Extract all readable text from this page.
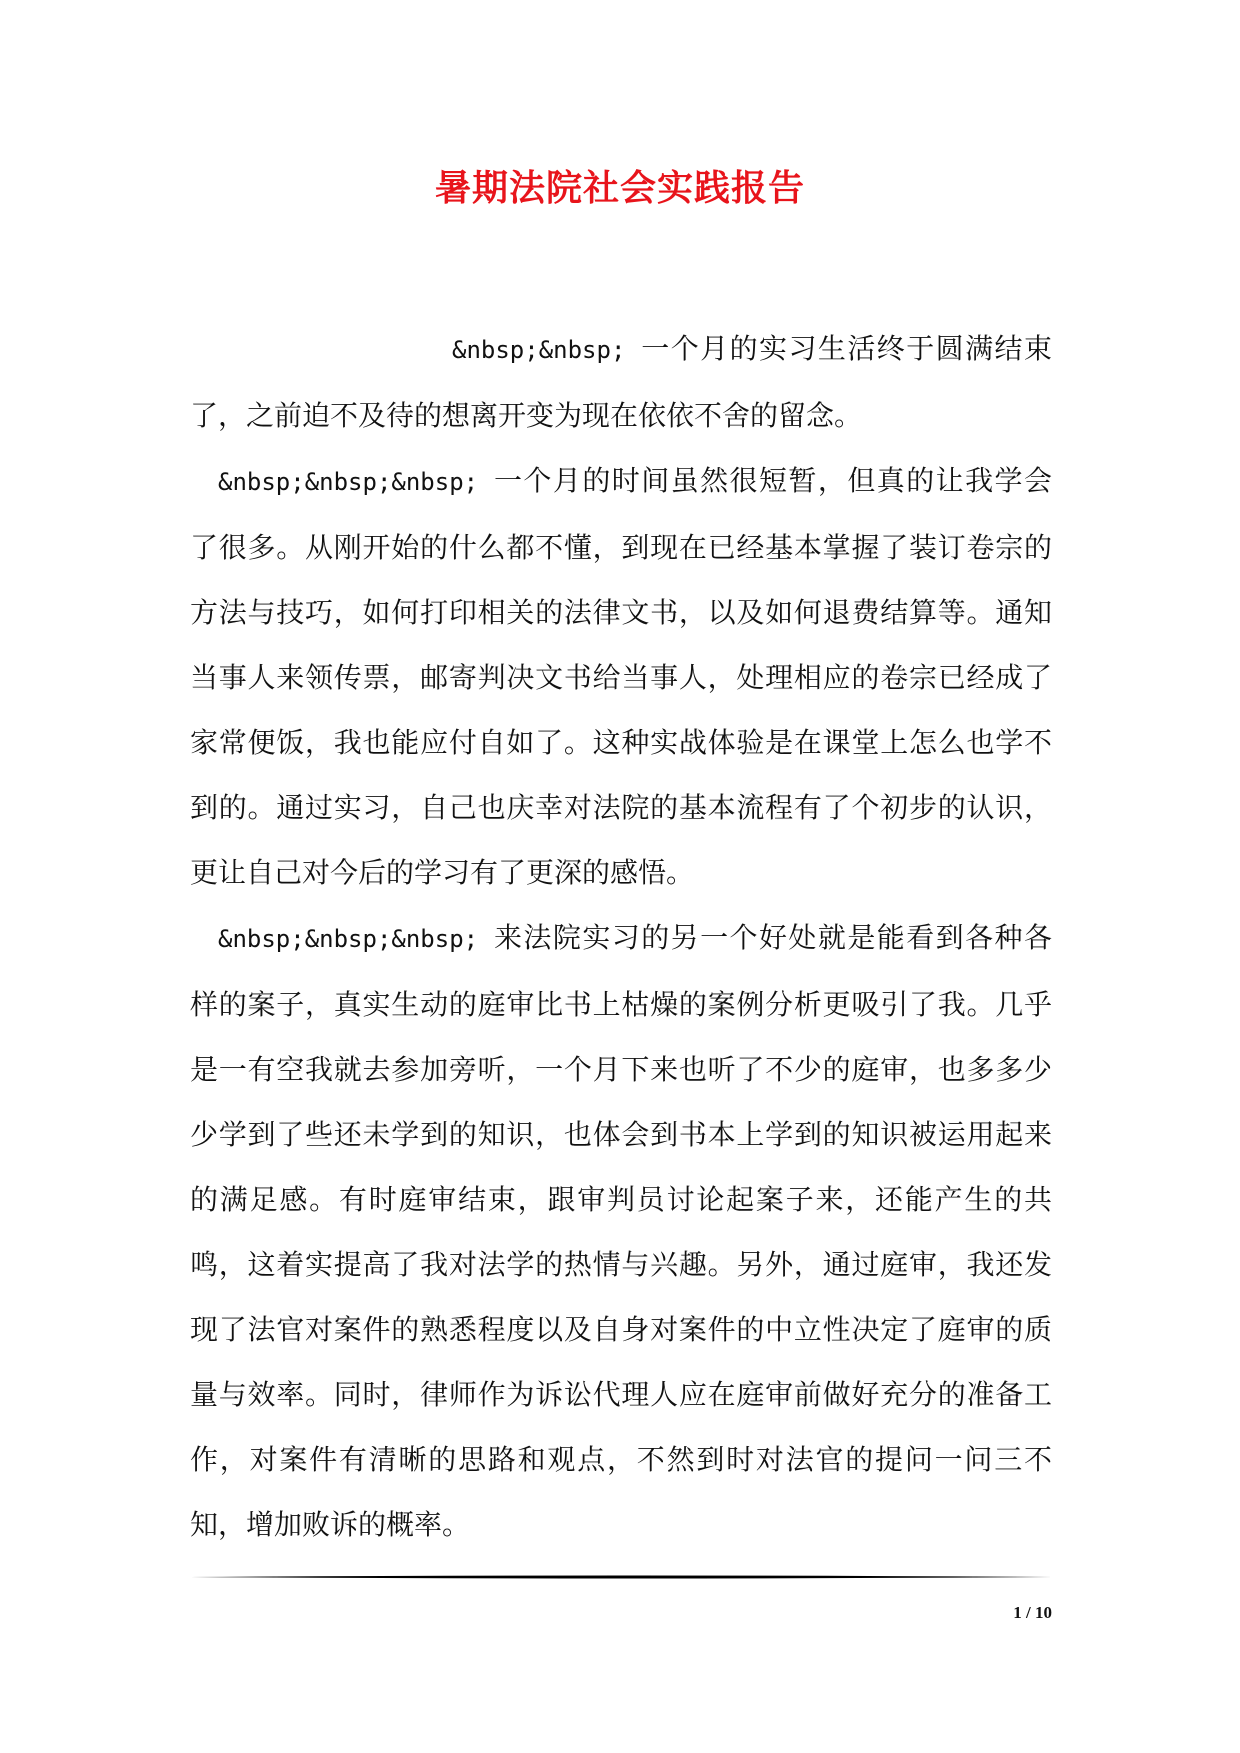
暑期法院社会实践报告

&nbsp;&nbsp; 一个月的实习生活终于圆满结束了，之前迫不及待的想离开变为现在依依不舍的留念。

&nbsp;&nbsp;&nbsp; 一个月的时间虽然很短暂，但真的让我学会了很多。从刚开始的什么都不懂，到现在已经基本掌握了装订卷宗的方法与技巧，如何打印相关的法律文书，以及如何退费结算等。通知当事人来领传票，邮寄判决文书给当事人，处理相应的卷宗已经成了家常便饭，我也能应付自如了。这种实战体验是在课堂上怎么也学不到的。通过实习，自己也庆幸对法院的基本流程有了个初步的认识，更让自己对今后的学习有了更深的感悟。

&nbsp;&nbsp;&nbsp; 来法院实习的另一个好处就是能看到各种各样的案子，真实生动的庭审比书上枯燥的案例分析更吸引了我。几乎是一有空我就去参加旁听，一个月下来也听了不少的庭审，也多多少少学到了些还未学到的知识，也体会到书本上学到的知识被运用起来的满足感。有时庭审结束，跟审判员讨论起案子来，还能产生的共鸣，这着实提高了我对法学的热情与兴趣。另外，通过庭审，我还发现了法官对案件的熟悉程度以及自身对案件的中立性决定了庭审的质量与效率。同时，律师作为诉讼代理人应在庭审前做好充分的准备工作，对案件有清晰的思路和观点，不然到时对法官的提问一问三不知，增加败诉的概率。

1 / 10
